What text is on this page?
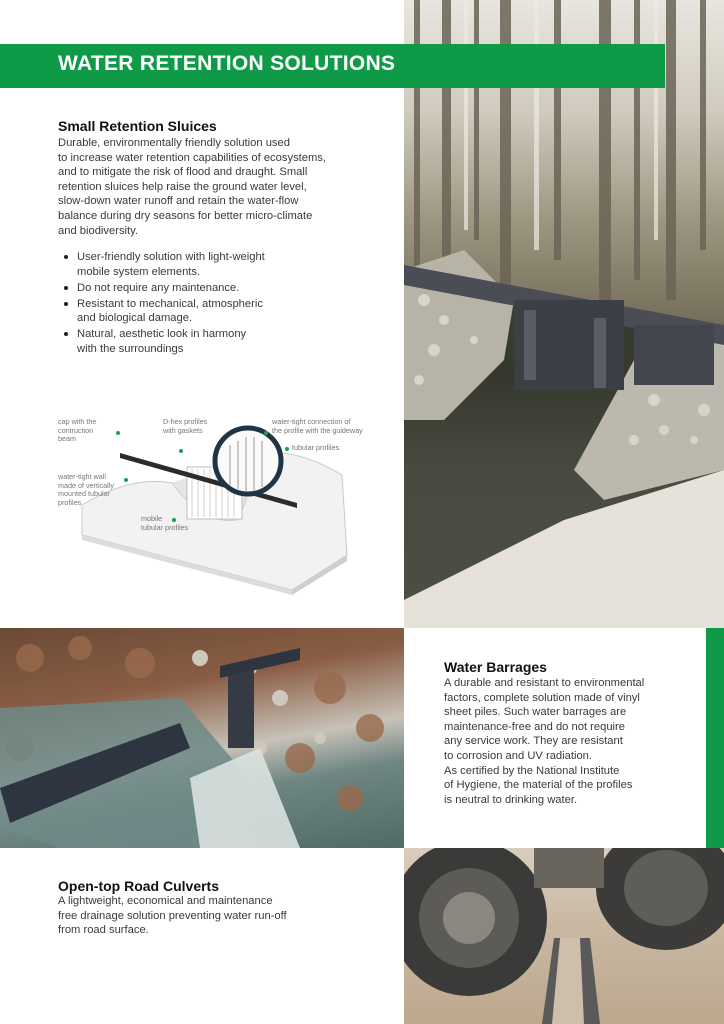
WATER RETENTION SOLUTIONS
Small Retention Sluices
Durable, environmentally friendly solution used
to increase water retention capabilities of ecosystems,
and to mitigate the risk of flood and draught. Small
retention sluices help raise the ground water level,
slow-down water runoff and retain the water-flow
balance during dry seasons for better micro-climate
and biodiversity.
User-friendly solution with light-weight
mobile system elements.
Do not require any maintenance.
Resistant to mechanical, atmospheric
and biological damage.
Natural, aesthetic look in harmony
with the surroundings
cap with the
contruction
beam
D-hex profiles
with gaskets
water-tight connection of
the profile with the guideway
tubular profiles
water-tight wall
made of vertically
mounted tubular
profiles
mobile
tubular profiles
Water Barrages
A durable and resistant to environmental
factors, complete solution made of vinyl
sheet piles. Such water barrages are
maintenance-free and do not require
any service work. They are resistant
to corrosion and UV radiation.
As certified by the National Institute
of Hygiene, the material of the profiles
is neutral to drinking water.
Open-top Road Culverts
A lightweight, economical and maintenance
free drainage solution preventing water run-off
from road surface.
